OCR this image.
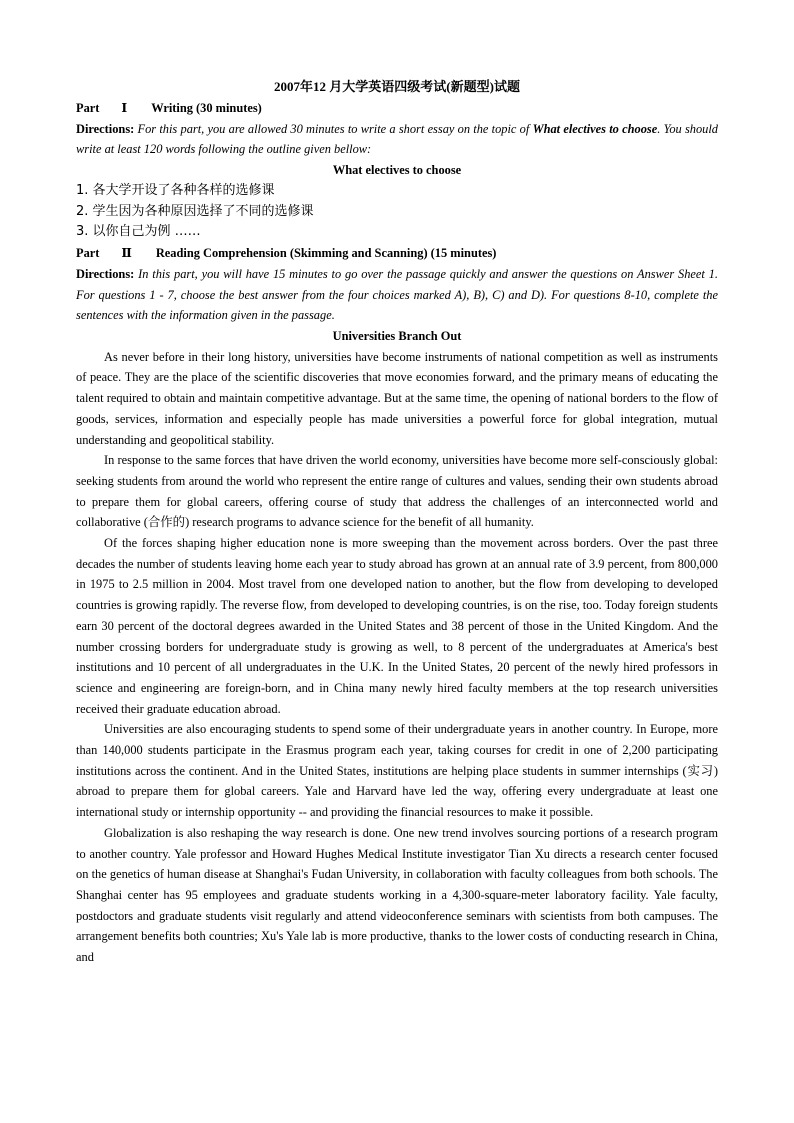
2007年12 月大学英语四级考试(新题型)试题
Part Ⅰ Writing (30 minutes)
Directions: For this part, you are allowed 30 minutes to write a short essay on the topic of What electives to choose. You should write at least 120 words following the outline given bellow:
What electives to choose
1. 各大学开设了各种各样的选修课
2. 学生因为各种原因选择了不同的选修课
3. 以你自己为例 ……
Part Ⅱ Reading Comprehension (Skimming and Scanning) (15 minutes)
Directions: In this part, you will have 15 minutes to go over the passage quickly and answer the questions on Answer Sheet 1. For questions 1 - 7, choose the best answer from the four choices marked A), B), C) and D). For questions 8-10, complete the sentences with the information given in the passage.
Universities Branch Out

As never before in their long history, universities have become instruments of national competition as well as instruments of peace. They are the place of the scientific discoveries that move economies forward, and the primary means of educating the talent required to obtain and maintain competitive advantage. But at the same time, the opening of national borders to the flow of goods, services, information and especially people has made universities a powerful force for global integration, mutual understanding and geopolitical stability.

In response to the same forces that have driven the world economy, universities have become more self-consciously global: seeking students from around the world who represent the entire range of cultures and values, sending their own students abroad to prepare them for global careers, offering course of study that address the challenges of an interconnected world and collaborative (合作的) research programs to advance science for the benefit of all humanity.

Of the forces shaping higher education none is more sweeping than the movement across borders. Over the past three decades the number of students leaving home each year to study abroad has grown at an annual rate of 3.9 percent, from 800,000 in 1975 to 2.5 million in 2004. Most travel from one developed nation to another, but the flow from developing to developed countries is growing rapidly. The reverse flow, from developed to developing countries, is on the rise, too. Today foreign students earn 30 percent of the doctoral degrees awarded in the United States and 38 percent of those in the United Kingdom. And the number crossing borders for undergraduate study is growing as well, to 8 percent of the undergraduates at America's best institutions and 10 percent of all undergraduates in the U.K. In the United States, 20 percent of the newly hired professors in science and engineering are foreign-born, and in China many newly hired faculty members at the top research universities received their graduate education abroad.

Universities are also encouraging students to spend some of their undergraduate years in another country. In Europe, more than 140,000 students participate in the Erasmus program each year, taking courses for credit in one of 2,200 participating institutions across the continent. And in the United States, institutions are helping place students in summer internships (实习) abroad to prepare them for global careers. Yale and Harvard have led the way, offering every undergraduate at least one international study or internship opportunity -- and providing the financial resources to make it possible.

Globalization is also reshaping the way research is done. One new trend involves sourcing portions of a research program to another country. Yale professor and Howard Hughes Medical Institute investigator Tian Xu directs a research center focused on the genetics of human disease at Shanghai's Fudan University, in collaboration with faculty colleagues from both schools. The Shanghai center has 95 employees and graduate students working in a 4,300-square-meter laboratory facility. Yale faculty, postdoctors and graduate students visit regularly and attend videoconference seminars with scientists from both campuses. The arrangement benefits both countries; Xu's Yale lab is more productive, thanks to the lower costs of conducting research in China, and
